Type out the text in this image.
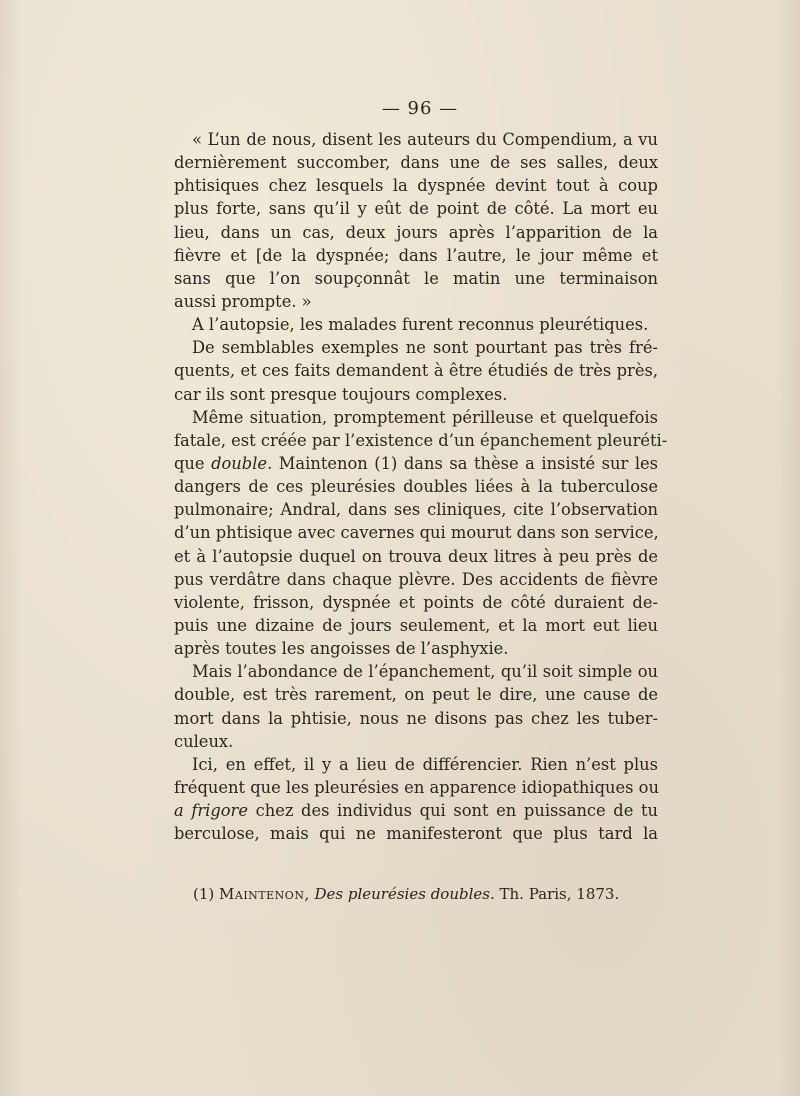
— 96 —
« L’un de nous, disent les auteurs du Compendium, a vu
dernièrement succomber, dans une de ses salles, deux
phtisiques chez lesquels la dyspnée devint tout à coup
plus forte, sans qu’il y eût de point de côté. La mort eu
lieu, dans un cas, deux jours après l’apparition de la
fièvre et [de la dyspnée; dans l’autre, le jour même et
sans que l’on soupçonnât le matin une terminaison
aussi prompte. »
A l’autopsie, les malades furent reconnus pleurétiques.
De semblables exemples ne sont pourtant pas très fré-
quents, et ces faits demandent à être étudiés de très près,
car ils sont presque toujours complexes.
Même situation, promptement périlleuse et quelquefois
fatale, est créée par l’existence d’un épanchement pleuréti-
que double. Maintenon (1) dans sa thèse a insisté sur les
dangers de ces pleurésies doubles liées à la tuberculose
pulmonaire; Andral, dans ses cliniques, cite l’observation
d’un phtisique avec cavernes qui mourut dans son service,
et à l’autopsie duquel on trouva deux litres à peu près de
pus verdâtre dans chaque plèvre. Des accidents de fièvre
violente, frisson, dyspnée et points de côté duraient de-
puis une dizaine de jours seulement, et la mort eut lieu
après toutes les angoisses de l’asphyxie.
Mais l’abondance de l’épanchement, qu’il soit simple ou
double, est très rarement, on peut le dire, une cause de
mort dans la phtisie, nous ne disons pas chez les tuber-
culeux.
Ici, en effet, il y a lieu de différencier. Rien n’est plus
fréquent que les pleurésies en apparence idiopathiques ou
a frigore chez des individus qui sont en puissance de tu
berculose, mais qui ne manifesteront que plus tard la
(1) Maintenon, Des pleurésies doubles. Th. Paris, 1873.
